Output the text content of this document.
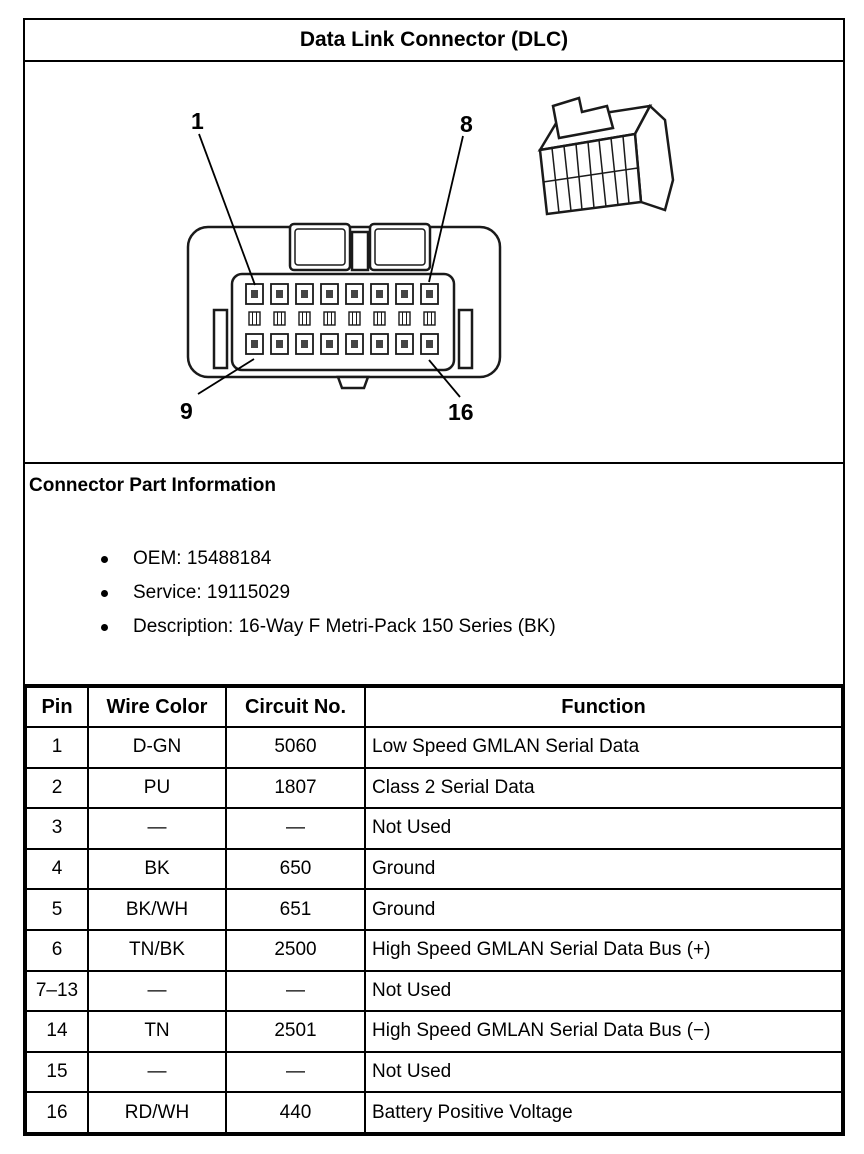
Data Link Connector (DLC)
1	8
9	16
Connector Part Information
OEM: 15488184
Service: 19115029
Description: 16-Way F Metri-Pack 150 Series (BK)
Pin	Wire Color	Circuit No.	Function
1	D-GN	5060	Low Speed GMLAN Serial Data
2	PU	1807	Class 2 Serial Data
3	—	—	Not Used
4	BK	650	Ground
5	BK/WH	651	Ground
6	TN/BK	2500	High Speed GMLAN Serial Data Bus (+)
7–13	—	—	Not Used
14	TN	2501	High Speed GMLAN Serial Data Bus (−)
15	—	—	Not Used
16	RD/WH	440	Battery Positive Voltage
